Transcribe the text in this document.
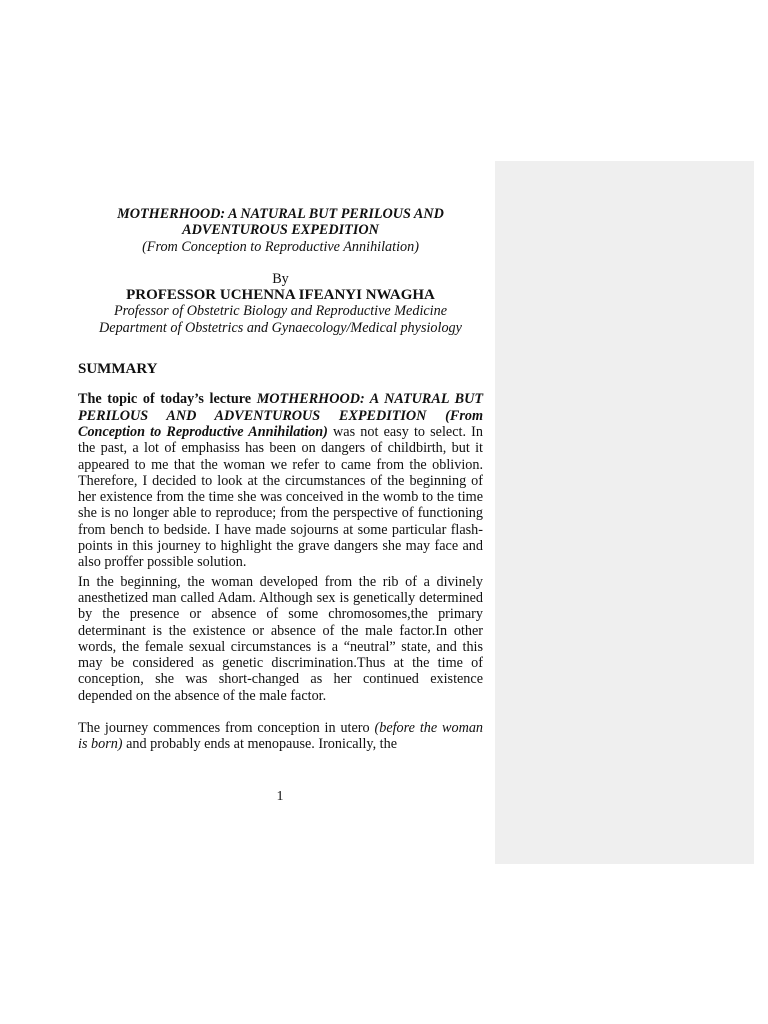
MOTHERHOOD: A NATURAL BUT PERILOUS AND
ADVENTUROUS EXPEDITION
(From Conception to Reproductive Annihilation)
By
PROFESSOR UCHENNA IFEANYI NWAGHA
Professor of Obstetric Biology and Reproductive Medicine
Department of Obstetrics and Gynaecology/Medical physiology
SUMMARY
The topic of today’s lecture MOTHERHOOD: A NATURAL BUT PERILOUS AND ADVENTUROUS EXPEDITION (From Conception to Reproductive Annihilation) was not easy to select. In the past, a lot of emphasiss has been on dangers of childbirth, but it appeared to me that the woman we refer to came from the oblivion. Therefore, I decided to look at the circumstances of the beginning of her existence from the time she was conceived in the womb to the time she is no longer able to reproduce; from the perspective of functioning from bench to bedside. I have made sojourns at some particular flash-points in this journey to highlight the grave dangers she may face and also proffer possible solution.
In the beginning, the woman developed from the rib of a divinely anesthetized man called Adam. Although sex is genetically determined by the presence or absence of some chromosomes,the primary determinant is the existence or absence of the male factor.In other words, the female sexual circumstances is a “neutral” state, and this may be considered as genetic discrimination.Thus at the time of conception, she was short-changed as her continued existence depended on the absence of the male factor.
The journey commences from conception in utero (before the woman is born) and probably ends at menopause. Ironically, the
1
